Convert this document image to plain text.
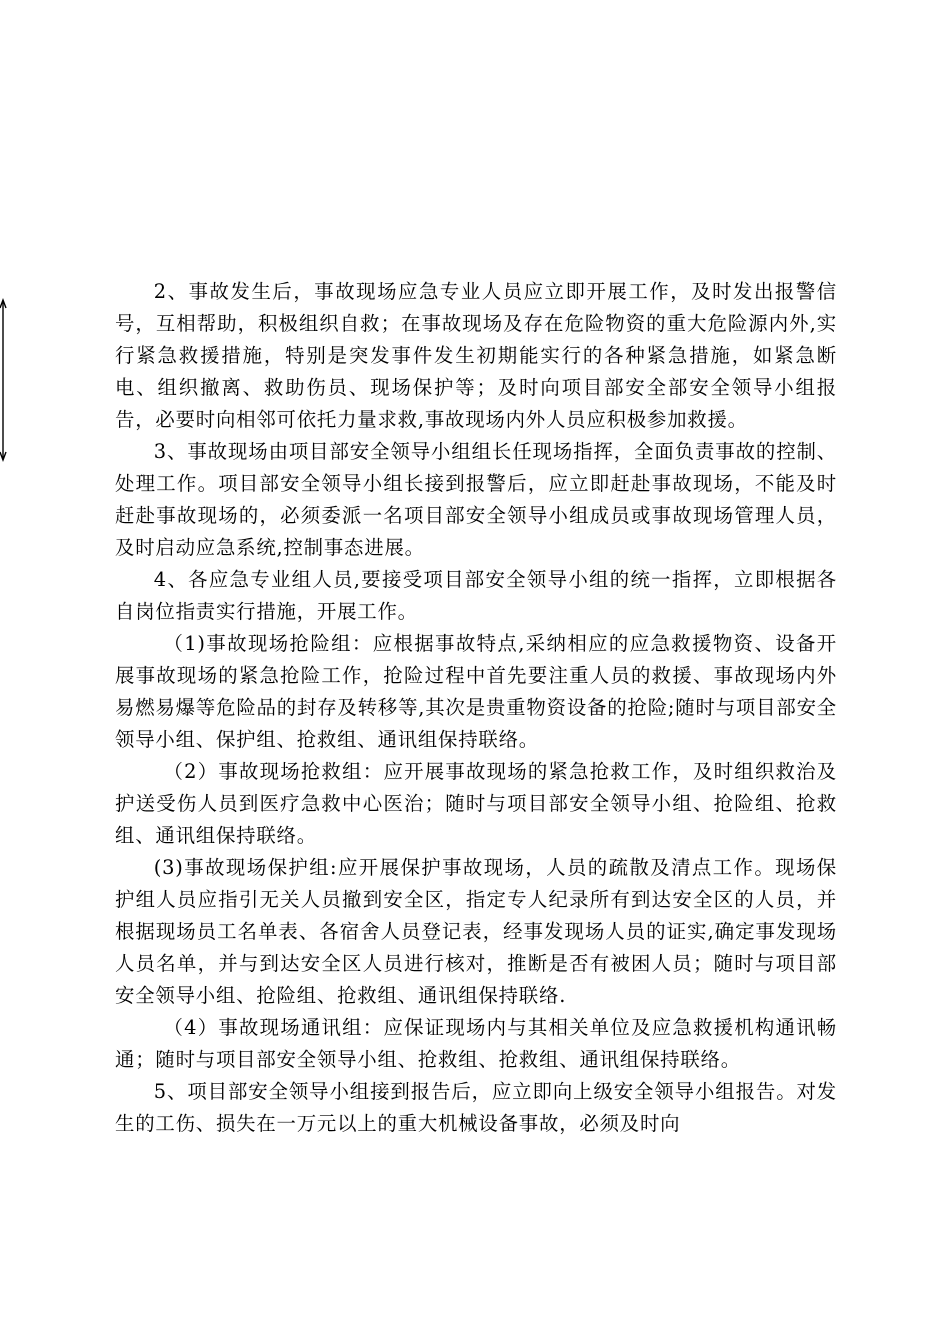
2、事故发生后，事故现场应急专业人员应立即开展工作，及时发出报警信号，互相帮助，积极组织自救；在事故现场及存在危险物资的重大危险源内外,实行紧急救援措施，特别是突发事件发生初期能实行的各种紧急措施，如紧急断电、组织撤离、救助伤员、现场保护等；及时向项目部安全部安全领导小组报告，必要时向相邻可依托力量求救,事故现场内外人员应积极参加救援。

3、事故现场由项目部安全领导小组组长任现场指挥，全面负责事故的控制、处理工作。项目部安全领导小组长接到报警后，应立即赶赴事故现场，不能及时赶赴事故现场的，必须委派一名项目部安全领导小组成员或事故现场管理人员，及时启动应急系统,控制事态进展。

4、各应急专业组人员,要接受项目部安全领导小组的统一指挥，立即根据各自岗位指责实行措施，开展工作。

（1)事故现场抢险组：应根据事故特点,采纳相应的应急救援物资、设备开展事故现场的紧急抢险工作，抢险过程中首先要注重人员的救援、事故现场内外易燃易爆等危险品的封存及转移等,其次是贵重物资设备的抢险;随时与项目部安全领导小组、保护组、抢救组、通讯组保持联络。

（2）事故现场抢救组：应开展事故现场的紧急抢救工作，及时组织救治及护送受伤人员到医疗急救中心医治；随时与项目部安全领导小组、抢险组、抢救组、通讯组保持联络。

(3)事故现场保护组:应开展保护事故现场，人员的疏散及清点工作。现场保护组人员应指引无关人员撤到安全区，指定专人纪录所有到达安全区的人员，并根据现场员工名单表、各宿舍人员登记表，经事发现场人员的证实,确定事发现场人员名单，并与到达安全区人员进行核对，推断是否有被困人员；随时与项目部安全领导小组、抢险组、抢救组、通讯组保持联络.

（4）事故现场通讯组：应保证现场内与其相关单位及应急救援机构通讯畅通；随时与项目部安全领导小组、抢救组、抢救组、通讯组保持联络。

5、项目部安全领导小组接到报告后，应立即向上级安全领导小组报告。对发生的工伤、损失在一万元以上的重大机械设备事故，必须及时向
